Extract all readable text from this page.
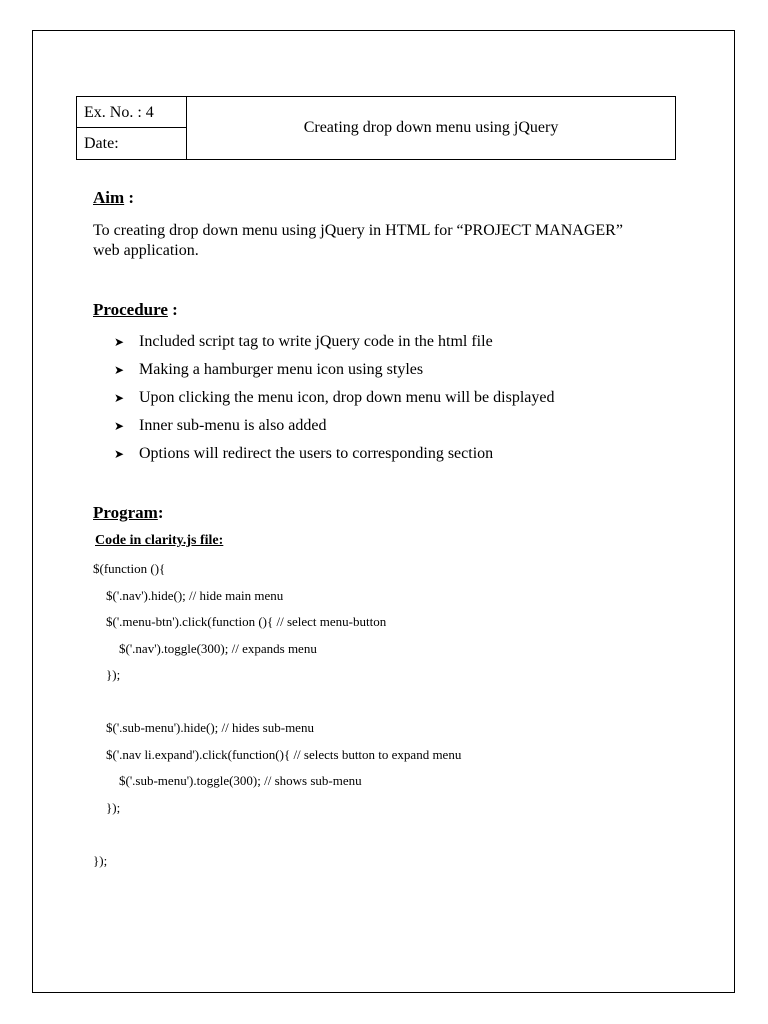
Ex. No. : 4
Date:
Creating drop down menu using jQuery
Aim :
To creating drop down menu using jQuery in HTML for “PROJECT MANAGER”
web application.
Procedure :
➤ Included script tag to write jQuery code in the html file
➤ Making a hamburger menu icon using styles
➤ Upon clicking the menu icon, drop down menu will be displayed
➤ Inner sub-menu is also added
➤ Options will redirect the users to corresponding section
Program:
Code in clarity.js file:
$(function (){
$('.nav').hide(); // hide main menu
$('.menu-btn').click(function (){ // select menu-button
$('.nav').toggle(300); // expands menu
});
$('.sub-menu').hide(); // hides sub-menu
$('.nav li.expand').click(function(){ // selects button to expand menu
$('.sub-menu').toggle(300); // shows sub-menu
});
});
